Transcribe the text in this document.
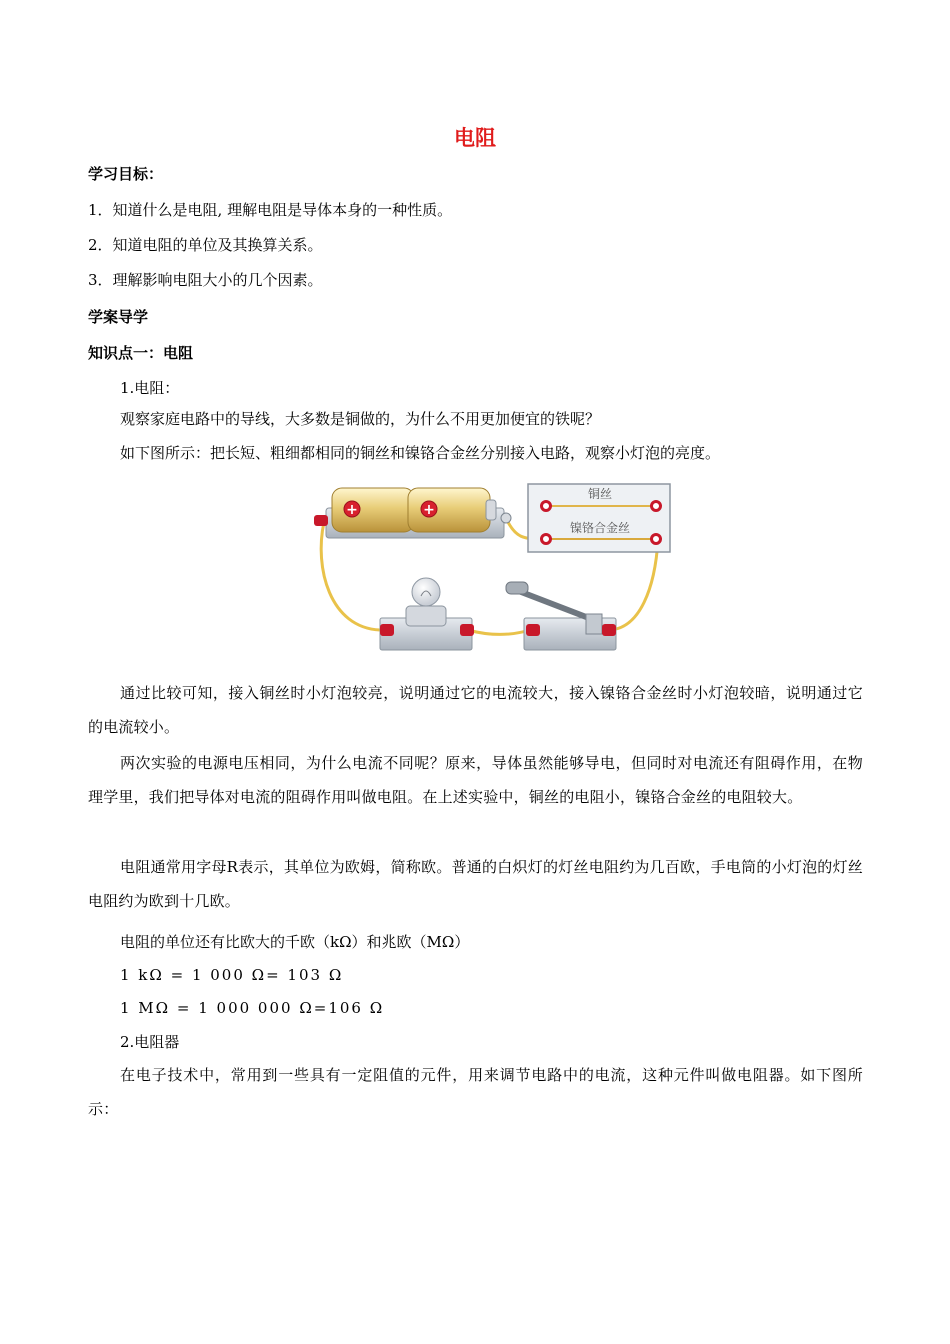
电阻
学习目标：
1．知道什么是电阻, 理解电阻是导体本身的一种性质。
2．知道电阻的单位及其换算关系。
3．理解影响电阻大小的几个因素。
学案导学
知识点一：电阻
1.电阻：
观察家庭电路中的导线，大多数是铜做的，为什么不用更加便宜的铁呢？
如下图所示：把长短、粗细都相同的铜丝和镍铬合金丝分别接入电路，观察小灯泡的亮度。
+	+
铜丝
镍铬合金丝
通过比较可知，接入铜丝时小灯泡较亮，说明通过它的电流较大，接入镍铬合金丝时小灯泡较暗，说明通过它的电流较小。
两次实验的电源电压相同，为什么电流不同呢？原来，导体虽然能够导电，但同时对电流还有阻碍作用，在物理学里，我们把导体对电流的阻碍作用叫做电阻。在上述实验中，铜丝的电阻小，镍铬合金丝的电阻较大。
电阻通常用字母R表示，其单位为欧姆，简称欧。普通的白炽灯的灯丝电阻约为几百欧，手电筒的小灯泡的灯丝电阻约为欧到十几欧。
电阻的单位还有比欧大的千欧（kΩ）和兆欧（MΩ）
1 kΩ = 1 000 Ω= 103 Ω
1 MΩ = 1 000 000 Ω=106 Ω
2.电阻器
在电子技术中，常用到一些具有一定阻值的元件，用来调节电路中的电流，这种元件叫做电阻器。如下图所示：
